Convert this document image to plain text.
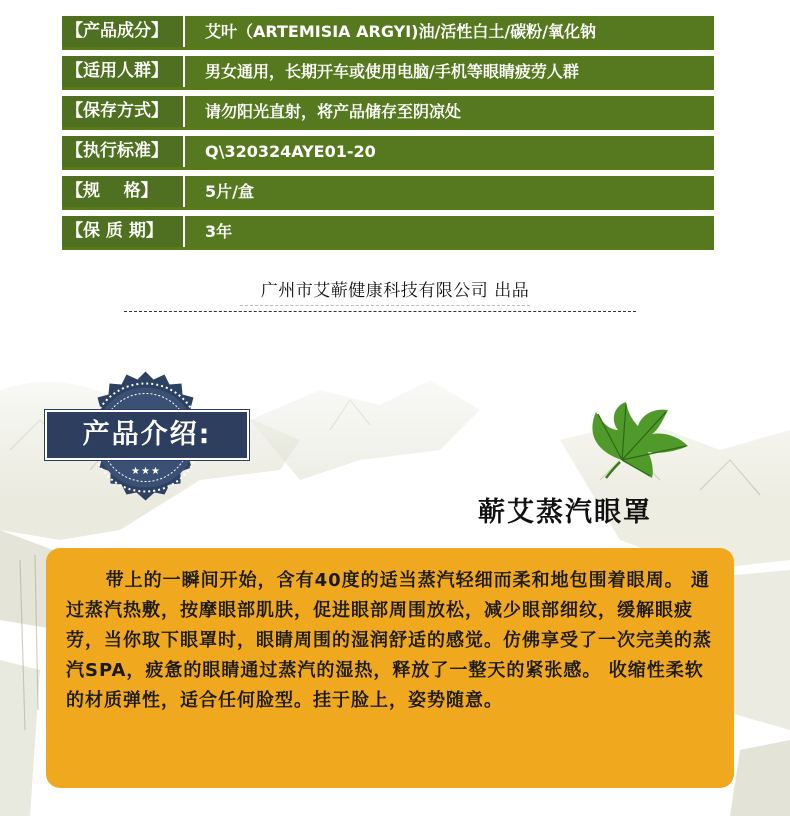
【产品成分】	艾叶（ARTEMISIA ARGYI)油/活性白土/碳粉/氧化钠
【适用人群】	男女通用，长期开车或使用电脑/手机等眼睛疲劳人群
【保存方式】	请勿阳光直射，将产品储存至阴凉处
【执行标准】	Q\320324AYE01-20
【规    格】	5片/盒
【保 质 期】	3年
广州市艾蕲健康科技有限公司 出品
产品介绍:
★★★
蕲艾蒸汽眼罩

带上的一瞬间开始，含有40度的适当蒸汽轻细而柔和地包围着眼周。 通过蒸汽热敷，按摩眼部肌肤，促进眼部周围放松，减少眼部细纹，缓解眼疲劳，当你取下眼罩时，眼睛周围的湿润舒适的感觉。仿佛享受了一次完美的蒸汽SPA，疲惫的眼睛通过蒸汽的湿热，释放了一整天的紧张感。 收缩性柔软的材质弹性，适合任何脸型。挂于脸上，姿势随意。
